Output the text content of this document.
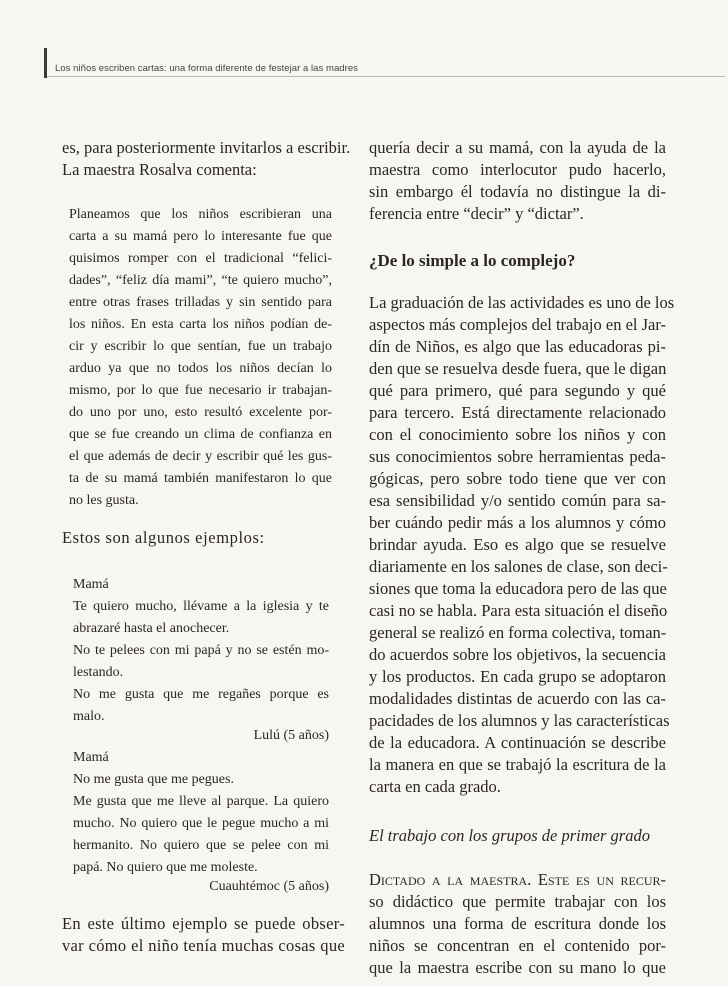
Los niños escriben cartas: una forma diferente de festejar a las madres

es, para posteriormente invitarlos a escribir.

La maestra Rosalva comenta:

Planeamos que los niños escribieran una

carta a su mamá pero lo interesante fue que

quisimos romper con el tradicional “felici-

dades”, “feliz día mami”, “te quiero mucho”,

entre otras frases trilladas y sin sentido para

los niños. En esta carta los niños podían de-

cir y escribir lo que sentían, fue un trabajo

arduo ya que no todos los niños decían lo

mismo, por lo que fue necesario ir trabajan-

do uno por uno, esto resultó excelente por-

que se fue creando un clima de confianza en

el que además de decir y escribir qué les gus-

ta de su mamá también manifestaron lo que

no les gusta.

Estos son algunos ejemplos:

Mamá

Te quiero mucho, llévame a la iglesia y te

abrazaré hasta el anochecer.

No te pelees con mi papá y no se estén mo-

lestando.

No me gusta que me regañes porque es

malo.

Lulú (5 años)

Mamá

No me gusta que me pegues.

Me gusta que me lleve al parque. La quiero

mucho. No quiero que le pegue mucho a mi

hermanito. No quiero que se pelee con mi

papá. No quiero que me moleste.

Cuauhtémoc (5 años)

En este último ejemplo se puede obser-

var cómo el niño tenía muchas cosas que

quería decir a su mamá, con la ayuda de la

maestra como interlocutor pudo hacerlo,

sin embargo él todavía no distingue la di-

ferencia entre “decir” y “dictar”.

¿De lo simple a lo complejo?

La graduación de las actividades es uno de los

aspectos más complejos del trabajo en el Jar-

dín de Niños, es algo que las educadoras pi-

den que se resuelva desde fuera, que le digan

qué para primero, qué para segundo y qué

para tercero. Está directamente relacionado

con el conocimiento sobre los niños y con

sus conocimientos sobre herramientas peda-

gógicas, pero sobre todo tiene que ver con

esa sensibilidad y/o sentido común para sa-

ber cuándo pedir más a los alumnos y cómo

brindar ayuda. Eso es algo que se resuelve

diariamente en los salones de clase, son deci-

siones que toma la educadora pero de las que

casi no se habla. Para esta situación el diseño

general se realizó en forma colectiva, toman-

do acuerdos sobre los objetivos, la secuencia

y los productos. En cada grupo se adoptaron

modalidades distintas de acuerdo con las ca-

pacidades de los alumnos y las características

de la educadora. A continuación se describe

la manera en que se trabajó la escritura de la

carta en cada grado.

El trabajo con los grupos de primer grado

Dictado a la maestra. Este es un recur-

so didáctico que permite trabajar con los

alumnos una forma de escritura donde los

niños se concentran en el contenido por-

que la maestra escribe con su mano lo que
